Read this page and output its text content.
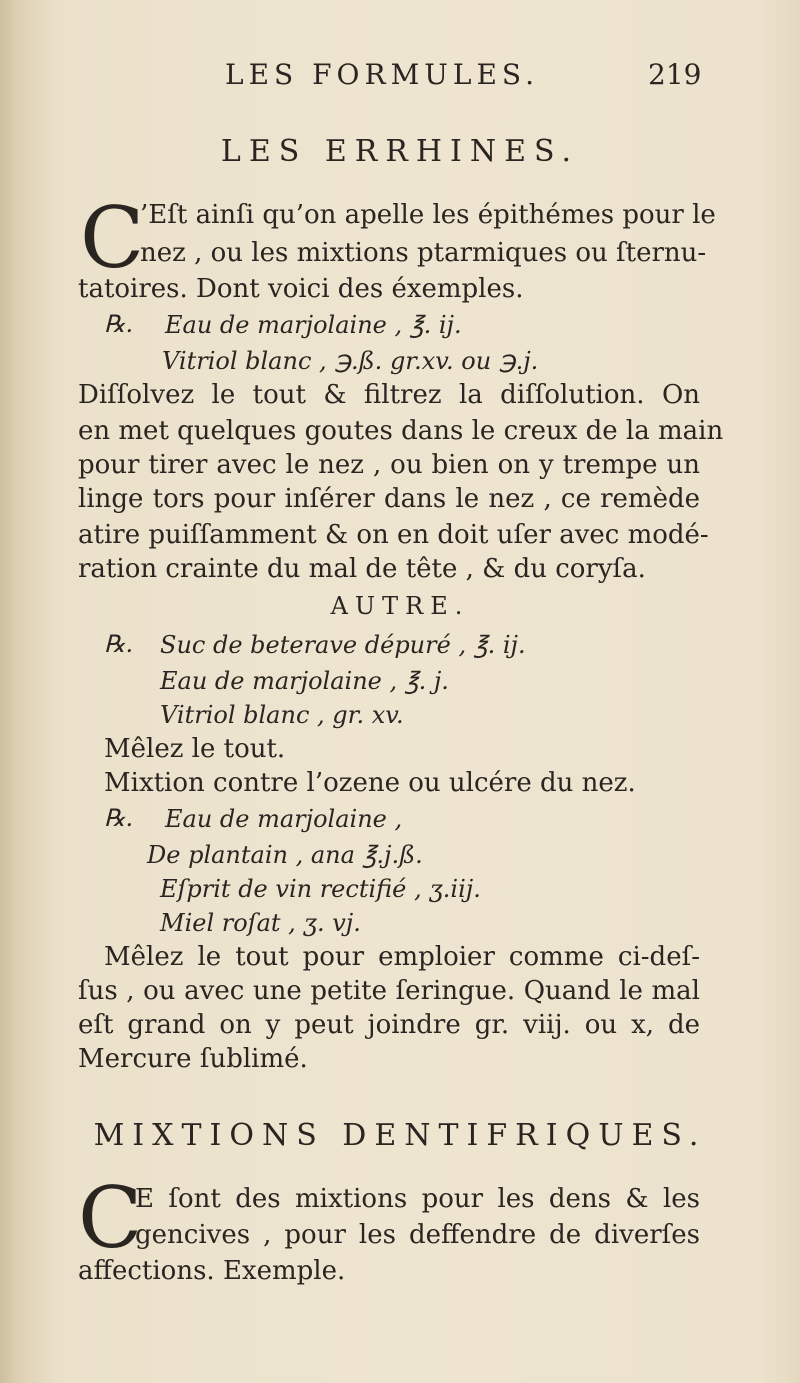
LES FORMULES.	219
LES ERRHINES.
C
’Eſt ainſi qu’on apelle les épithémes pour le
nez , ou les mixtions ptarmiques ou ſternu-
tatoires. Dont voici des éxemples.
℞. Eau de marjolaine , ℥. ij.
Vitriol blanc , ℈.ß. gr.xv. ou ℈.j.
Diſſolvez le tout & filtrez la diſſolution. On
en met quelques goutes dans le creux de la main
pour tirer avec le nez , ou bien on y trempe un
linge tors pour inſérer dans le nez , ce remède
atire puiſſamment & on en doit uſer avec modé-
ration crainte du mal de tête , & du coryſa.
AUTRE.
℞. Suc de beterave dépuré , ℥. ij.
Eau de marjolaine , ℥. j.
Vitriol blanc , gr. xv.
Mêlez le tout.
Mixtion contre l’ozene ou ulcére du nez.
℞. Eau de marjolaine ,
De plantain , ana ℥.j.ß.
Eſprit de vin rectifié , ʒ.iij.
Miel roſat , ʒ. vj.
Mêlez le tout pour emploier comme ci-deſ-
ſus , ou avec une petite ſeringue. Quand le mal
eſt grand on y peut joindre gr. viij. ou x, de
Mercure ſublimé.
MIXTIONS DENTIFRIQUES.
C
E ſont des mixtions pour les dens & les
gencives , pour les deffendre de diverſes
affections. Exemple.
